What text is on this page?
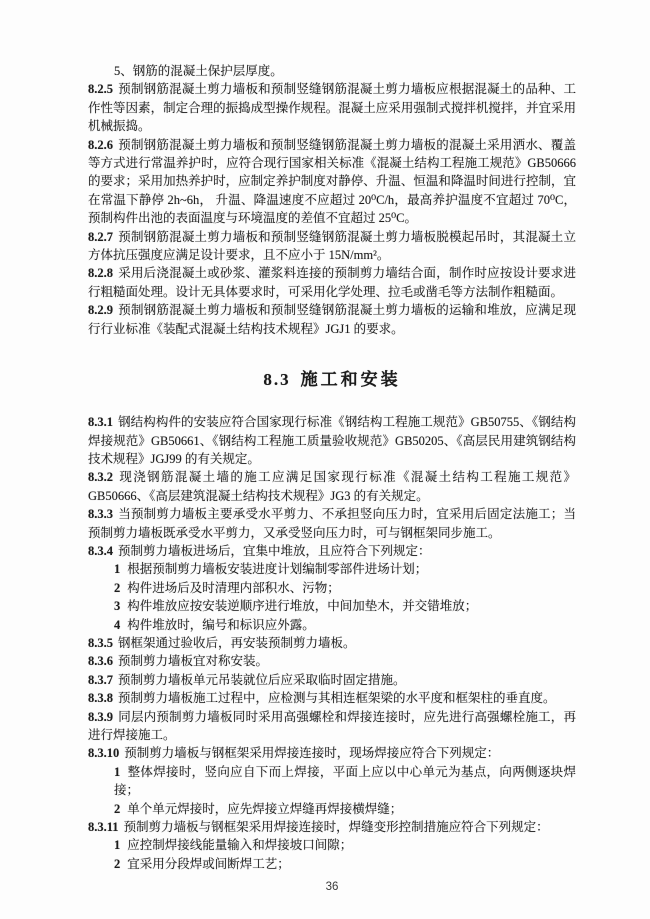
5、钢筋的混凝土保护层厚度。

8.2.5 预制钢筋混凝土剪力墙板和预制竖缝钢筋混凝土剪力墙板应根据混凝土的品种、工作性等因素，制定合理的振捣成型操作规程。混凝土应采用强制式搅拌机搅拌，并宜采用机械振捣。

8.2.6 预制钢筋混凝土剪力墙板和预制竖缝钢筋混凝土剪力墙板的混凝土采用洒水、覆盖等方式进行常温养护时，应符合现行国家相关标准《混凝土结构工程施工规范》GB50666 的要求；采用加热养护时，应制定养护制度对静停、升温、恒温和降温时间进行控制，宜在常温下静停 2h~6h， 升温、降温速度不应超过 20⁰C/h，最高养护温度不宜超过 70⁰C，预制构件出池的表面温度与环境温度的差值不宜超过 25⁰C。

8.2.7 预制钢筋混凝土剪力墙板和预制竖缝钢筋混凝土剪力墙板脱模起吊时，其混凝土立方体抗压强度应满足设计要求，且不应小于 15N/mm²。

8.2.8 采用后浇混凝土或砂浆、灌浆料连接的预制剪力墙结合面，制作时应按设计要求进行粗糙面处理。设计无具体要求时，可采用化学处理、拉毛或凿毛等方法制作粗糙面。

8.2.9 预制钢筋混凝土剪力墙板和预制竖缝钢筋混凝土剪力墙板的运输和堆放，应满足现行行业标准《装配式混凝土结构技术规程》JGJ1 的要求。

8.3 施工和安装

8.3.1 钢结构构件的安装应符合国家现行标准《钢结构工程施工规范》GB50755、《钢结构焊接规范》GB50661、《钢结构工程施工质量验收规范》GB50205、《高层民用建筑钢结构技术规程》JGJ99 的有关规定。

8.3.2 现浇钢筋混凝土墙的施工应满足国家现行标准《混凝土结构工程施工规范》GB50666、《高层建筑混凝土结构技术规程》JG3 的有关规定。

8.3.3 当预制剪力墙板主要承受水平剪力、不承担竖向压力时，宜采用后固定法施工；当预制剪力墙板既承受水平剪力，又承受竖向压力时，可与钢框架同步施工。

8.3.4 预制剪力墙板进场后，宜集中堆放，且应符合下列规定：

1 根据预制剪力墙板安装进度计划编制零部件进场计划；

2 构件进场后及时清理内部积水、污物；

3 构件堆放应按安装逆顺序进行堆放，中间加垫木，并交错堆放；

4 构件堆放时，编号和标识应外露。

8.3.5 钢框架通过验收后，再安装预制剪力墙板。

8.3.6 预制剪力墙板宜对称安装。

8.3.7 预制剪力墙板单元吊装就位后应采取临时固定措施。

8.3.8 预制剪力墙板施工过程中，应检测与其相连框架梁的水平度和框架柱的垂直度。

8.3.9 同层内预制剪力墙板同时采用高强螺栓和焊接连接时，应先进行高强螺栓施工，再进行焊接施工。

8.3.10 预制剪力墙板与钢框架采用焊接连接时，现场焊接应符合下列规定：

1 整体焊接时，竖向应自下而上焊接，平面上应以中心单元为基点，向两侧逐块焊接；

2 单个单元焊接时，应先焊接立焊缝再焊接横焊缝；

8.3.11 预制剪力墙板与钢框架采用焊接连接时，焊缝变形控制措施应符合下列规定：

1 应控制焊接线能量输入和焊接坡口间隙；

2 宜采用分段焊或间断焊工艺；

36
